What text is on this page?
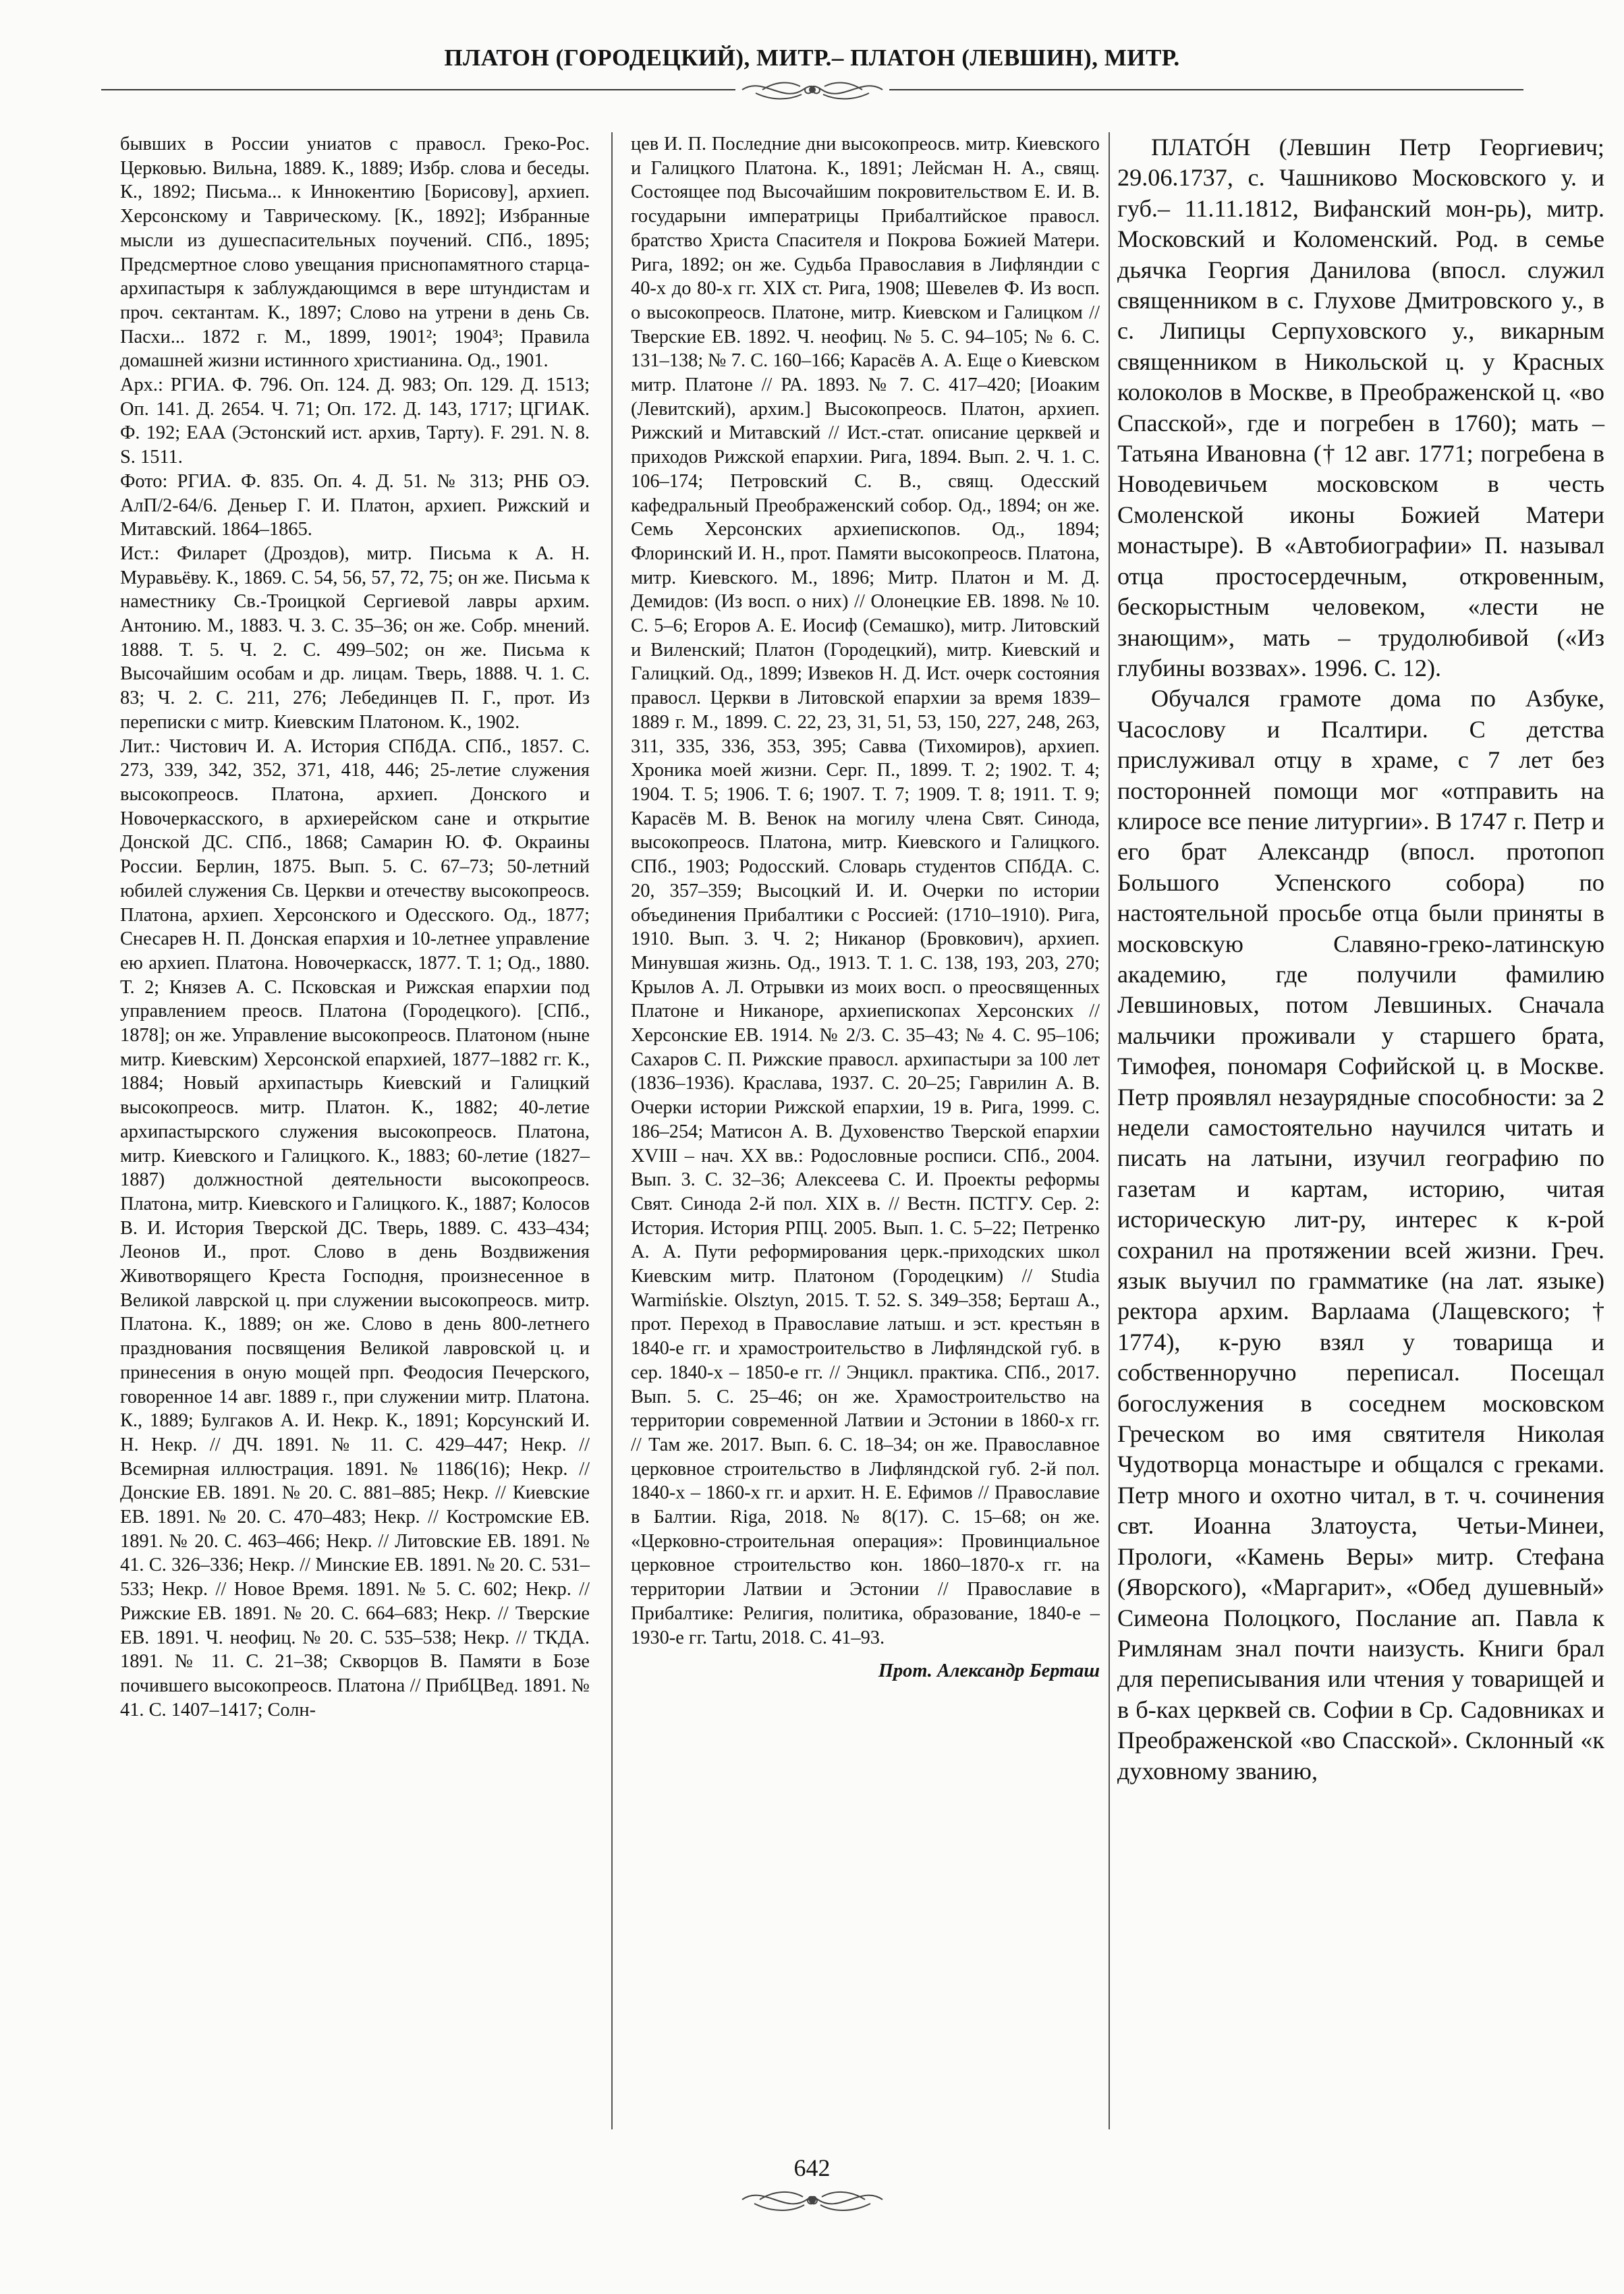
ПЛАТОН (ГОРОДЕЦКИЙ), МИТР.– ПЛАТОН (ЛЕВШИН), МИТР.

бывших в России униатов с правосл. Греко-Рос. Церковью. Вильна, 1889. К., 1889; Избр. слова и беседы. К., 1892; Письма... к Иннокентию [Борисову], архиеп. Херсонскому и Таврическому. [К., 1892]; Избранные мысли из душеспасительных поучений. СПб., 1895; Предсмертное слово увещания приснопамятного старца-архипастыря к заблуждающимся в вере штундистам и проч. сектантам. К., 1897; Слово на утрени в день Св. Пасхи... 1872 г. М., 1899, 1901²; 1904³; Правила домашней жизни истинного христианина. Од., 1901.

Арх.: РГИА. Ф. 796. Оп. 124. Д. 983; Оп. 129. Д. 1513; Оп. 141. Д. 2654. Ч. 71; Оп. 172. Д. 143, 1717; ЦГИАК. Ф. 192; ЕАА (Эстонский ист. архив, Тарту). F. 291. N. 8. S. 1511.

Фото: РГИА. Ф. 835. Оп. 4. Д. 51. № 313; РНБ ОЭ. АлП/2-64/6. Деньер Г. И. Платон, архиеп. Рижский и Митавский. 1864–1865.

Ист.: Филарет (Дроздов), митр. Письма к А. Н. Муравьёву. К., 1869. С. 54, 56, 57, 72, 75; он же. Письма к наместнику Св.-Троицкой Сергиевой лавры архим. Антонию. М., 1883. Ч. 3. С. 35–36; он же. Собр. мнений. 1888. Т. 5. Ч. 2. С. 499–502; он же. Письма к Высочайшим особам и др. лицам. Тверь, 1888. Ч. 1. С. 83; Ч. 2. С. 211, 276; Лебединцев П. Г., прот. Из переписки с митр. Киевским Платоном. К., 1902.

Лит.: Чистович И. А. История СПбДА. СПб., 1857. С. 273, 339, 342, 352, 371, 418, 446; 25-летие служения высокопреосв. Платона, архиеп. Донского и Новочеркасского, в архиерейском сане и открытие Донской ДС. СПб., 1868; Самарин Ю. Ф. Окраины России. Берлин, 1875. Вып. 5. С. 67–73; 50-летний юбилей служения Св. Церкви и отечеству высокопреосв. Платона, архиеп. Херсонского и Одесского. Од., 1877; Снесарев Н. П. Донская епархия и 10-летнее управление ею архиеп. Платона. Новочеркасск, 1877. Т. 1; Од., 1880. Т. 2; Князев А. С. Псковская и Рижская епархии под управлением преосв. Платона (Городецкого). [СПб., 1878]; он же. Управление высокопреосв. Платоном (ныне митр. Киевским) Херсонской епархией, 1877–1882 гг. К., 1884; Новый архипастырь Киевский и Галицкий высокопреосв. митр. Платон. К., 1882; 40-летие архипастырского служения высокопреосв. Платона, митр. Киевского и Галицкого. К., 1883; 60-летие (1827–1887) должностной деятельности высокопреосв. Платона, митр. Киевского и Галицкого. К., 1887; Колосов В. И. История Тверской ДС. Тверь, 1889. С. 433–434; Леонов И., прот. Слово в день Воздвижения Животворящего Креста Господня, произнесенное в Великой лаврской ц. при служении высокопреосв. митр. Платона. К., 1889; он же. Слово в день 800-летнего празднования посвящения Великой лавровской ц. и принесения в оную мощей прп. Феодосия Печерского, говоренное 14 авг. 1889 г., при служении митр. Платона. К., 1889; Булгаков А. И. Некр. К., 1891; Корсунский И. Н. Некр. // ДЧ. 1891. № 11. С. 429–447; Некр. // Всемирная иллюстрация. 1891. № 1186(16); Некр. // Донские ЕВ. 1891. № 20. С. 881–885; Некр. // Киевские ЕВ. 1891. № 20. С. 470–483; Некр. // Костромские ЕВ. 1891. № 20. С. 463–466; Некр. // Литовские ЕВ. 1891. № 41. С. 326–336; Некр. // Минские ЕВ. 1891. № 20. С. 531–533; Некр. // Новое Время. 1891. № 5. С. 602; Некр. // Рижские ЕВ. 1891. № 20. С. 664–683; Некр. // Тверские ЕВ. 1891. Ч. неофиц. № 20. С. 535–538; Некр. // ТКДА. 1891. № 11. С. 21–38; Скворцов В. Памяти в Бозе почившего высокопреосв. Платона // ПрибЦВед. 1891. № 41. С. 1407–1417; Солн-

цев И. П. Последние дни высокопреосв. митр. Киевского и Галицкого Платона. К., 1891; Лейсман Н. А., свящ. Состоящее под Высочайшим покровительством Е. И. В. государыни императрицы Прибалтийское правосл. братство Христа Спасителя и Покрова Божией Матери. Рига, 1892; он же. Судьба Православия в Лифляндии с 40-х до 80-х гг. XIX ст. Рига, 1908; Шевелев Ф. Из восп. о высокопреосв. Платоне, митр. Киевском и Галицком // Тверские ЕВ. 1892. Ч. неофиц. № 5. С. 94–105; № 6. С. 131–138; № 7. С. 160–166; Карасёв А. А. Еще о Киевском митр. Платоне // РА. 1893. № 7. С. 417–420; [Иоаким (Левитский), архим.] Высокопреосв. Платон, архиеп. Рижский и Митавский // Ист.-стат. описание церквей и приходов Рижской епархии. Рига, 1894. Вып. 2. Ч. 1. С. 106–174; Петровский С. В., свящ. Одесский кафедральный Преображенский собор. Од., 1894; он же. Семь Херсонских архиепископов. Од., 1894; Флоринский И. Н., прот. Памяти высокопреосв. Платона, митр. Киевского. М., 1896; Митр. Платон и М. Д. Демидов: (Из восп. о них) // Олонецкие ЕВ. 1898. № 10. С. 5–6; Егоров А. Е. Иосиф (Семашко), митр. Литовский и Виленский; Платон (Городецкий), митр. Киевский и Галицкий. Од., 1899; Извеков Н. Д. Ист. очерк состояния правосл. Церкви в Литовской епархии за время 1839–1889 г. М., 1899. С. 22, 23, 31, 51, 53, 150, 227, 248, 263, 311, 335, 336, 353, 395; Савва (Тихомиров), архиеп. Хроника моей жизни. Серг. П., 1899. Т. 2; 1902. Т. 4; 1904. Т. 5; 1906. Т. 6; 1907. Т. 7; 1909. Т. 8; 1911. Т. 9; Карасёв М. В. Венок на могилу члена Свят. Синода, высокопреосв. Платона, митр. Киевского и Галицкого. СПб., 1903; Родосский. Словарь студентов СПбДА. С. 20, 357–359; Высоцкий И. И. Очерки по истории объединения Прибалтики с Россией: (1710–1910). Рига, 1910. Вып. 3. Ч. 2; Никанор (Бровкович), архиеп. Минувшая жизнь. Од., 1913. Т. 1. С. 138, 193, 203, 270; Крылов А. Л. Отрывки из моих восп. о преосвященных Платоне и Никаноре, архиепископах Херсонских // Херсонские ЕВ. 1914. № 2/3. С. 35–43; № 4. С. 95–106; Сахаров С. П. Рижские правосл. архипастыри за 100 лет (1836–1936). Краслава, 1937. С. 20–25; Гаврилин А. В. Очерки истории Рижской епархии, 19 в. Рига, 1999. С. 186–254; Матисон А. В. Духовенство Тверской епархии XVIII – нач. XX вв.: Родословные росписи. СПб., 2004. Вып. 3. С. 32–36; Алексеева С. И. Проекты реформы Свят. Синода 2-й пол. XIX в. // Вестн. ПСТГУ. Сер. 2: История. История РПЦ. 2005. Вып. 1. С. 5–22; Петренко А. А. Пути реформирования церк.-приходских школ Киевским митр. Платоном (Городецким) // Studia Warmińskie. Olsztyn, 2015. Т. 52. S. 349–358; Берташ А., прот. Переход в Православие латыш. и эст. крестьян в 1840-е гг. и храмостроительство в Лифляндской губ. в сер. 1840-х – 1850-е гг. // Энцикл. практика. СПб., 2017. Вып. 5. С. 25–46; он же. Храмостроительство на территории современной Латвии и Эстонии в 1860-х гг. // Там же. 2017. Вып. 6. С. 18–34; он же. Православное церковное строительство в Лифляндской губ. 2-й пол. 1840-х – 1860-х гг. и архит. Н. Е. Ефимов // Православие в Балтии. Riga, 2018. № 8(17). С. 15–68; он же. «Церковно-строительная операция»: Провинциальное церковное строительство кон. 1860–1870-х гг. на территории Латвии и Эстонии // Православие в Прибалтике: Религия, политика, образование, 1840-е – 1930-е гг. Tartu, 2018. С. 41–93.

Прот. Александр Берташ

ПЛАТО́Н (Левшин Петр Георгиевич; 29.06.1737, с. Чашниково Московского у. и губ.– 11.11.1812, Вифанский мон-рь), митр. Московский и Коломенский. Род. в семье дьячка Георгия Данилова (впосл. служил священником в с. Глухове Дмитровского у., в с. Липицы Серпуховского у., викарным священником в Никольской ц. у Красных колоколов в Москве, в Преображенской ц. «во Спасской», где и погребен в 1760); мать – Татьяна Ивановна († 12 авг. 1771; погребена в Новодевичьем московском в честь Смоленской иконы Божией Матери монастыре). В «Автобиографии» П. называл отца простосердечным, откровенным, бескорыстным человеком, «лести не знающим», мать – трудолюбивой («Из глубины воззвах». 1996. С. 12).

Обучался грамоте дома по Азбуке, Часослову и Псалтири. С детства прислуживал отцу в храме, с 7 лет без посторонней помощи мог «отправить на клиросе все пение литургии». В 1747 г. Петр и его брат Александр (впосл. протопоп Большого Успенского собора) по настоятельной просьбе отца были приняты в московскую Славяно-греко-латинскую академию, где получили фамилию Левшиновых, потом Левшиных. Сначала мальчики проживали у старшего брата, Тимофея, пономаря Софийской ц. в Москве. Петр проявлял незаурядные способности: за 2 недели самостоятельно научился читать и писать на латыни, изучил географию по газетам и картам, историю, читая историческую лит-ру, интерес к к-рой сохранил на протяжении всей жизни. Греч. язык выучил по грамматике (на лат. языке) ректора архим. Варлаама (Лащевского; † 1774), к-рую взял у товарища и собственноручно переписал. Посещал богослужения в соседнем московском Греческом во имя святителя Николая Чудотворца монастыре и общался с греками. Петр много и охотно читал, в т. ч. сочинения свт. Иоанна Златоуста, Четьи-Минеи, Прологи, «Камень Веры» митр. Стефана (Яворского), «Маргарит», «Обед душевный» Симеона Полоцкого, Послание ап. Павла к Римлянам знал почти наизусть. Книги брал для переписывания или чтения у товарищей и в б-ках церквей св. Софии в Ср. Садовниках и Преображенской «во Спасской». Склонный «к духовному званию,

642
